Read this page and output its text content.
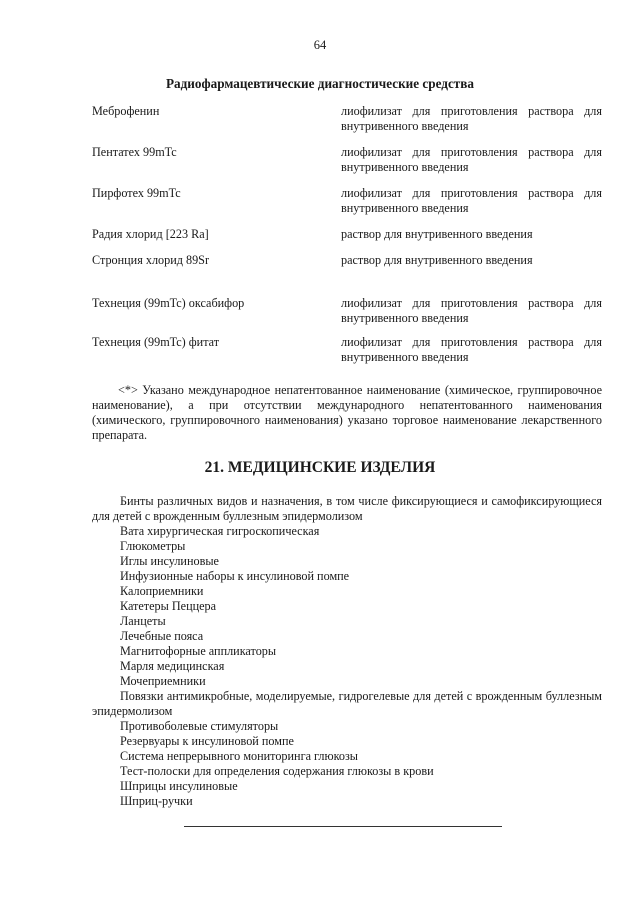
64
Радиофармацевтические диагностические средства
Меброфенин	лиофилизат для приготовления раствора для внутривенного введения
Пентатех 99mTc	лиофилизат для приготовления раствора для внутривенного введения
Пирфотех 99mTc	лиофилизат для приготовления раствора для внутривенного введения
Радия хлорид [223 Ra]	раствор для внутривенного введения
Стронция хлорид 89Sr	раствор для внутривенного введения
Технеция (99mTc) оксабифор	лиофилизат для приготовления раствора для внутривенного введения
Технеция (99mTc) фитат	лиофилизат для приготовления раствора для внутривенного введения
<*> Указано международное непатентованное наименование (химическое, группировочное наименование), а при отсутствии международного непатентованного наименования (химического, группировочного наименования) указано торговое наименование лекарственного препарата.
21. МЕДИЦИНСКИЕ ИЗДЕЛИЯ
Бинты различных видов и назначения, в том числе фиксирующиеся и самофиксирующиеся для детей с врожденным буллезным эпидермолизом
Вата хирургическая гигроскопическая
Глюкометры
Иглы инсулиновые
Инфузионные наборы к инсулиновой помпе
Калоприемники
Катетеры Пеццера
Ланцеты
Лечебные пояса
Магнитофорные аппликаторы
Марля медицинская
Мочеприемники
Повязки антимикробные, моделируемые, гидрогелевые для детей с врожденным буллезным эпидермолизом
Противоболевые стимуляторы
Резервуары к инсулиновой помпе
Система непрерывного мониторинга глюкозы
Тест-полоски для определения содержания глюкозы в крови
Шприцы инсулиновые
Шприц-ручки
